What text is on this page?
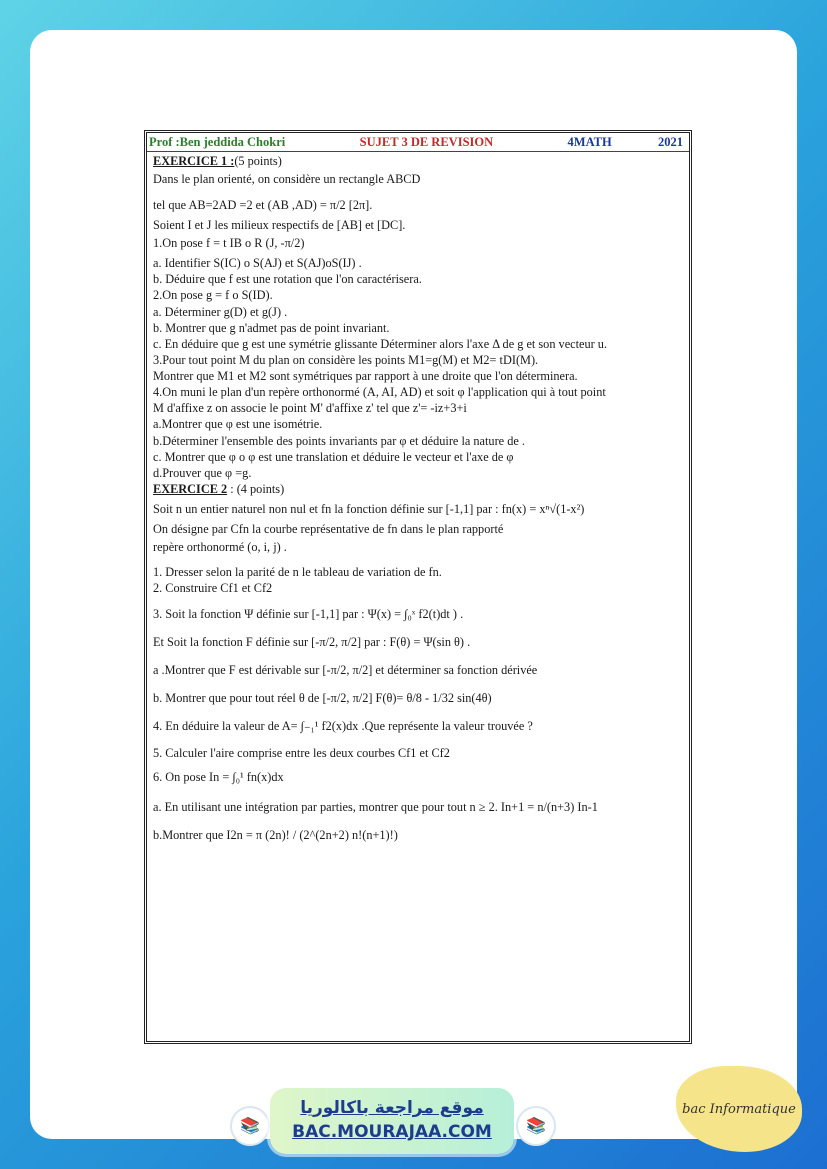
Prof :Ben jeddida Chokri	SUJET 3 DE REVISION	4MATH	2021

EXERCICE 1 :(5 points)

Dans le plan orienté, on considère un rectangle ABCD

tel que AB=2AD =2 et (AB ,AD) = π/2 [2π].

Soient I et J les milieux respectifs de [AB] et [DC].

1.On pose f = t IB o R (J, -π/2)

a. Identifier S(IC) o S(AJ) et S(AJ)oS(IJ) .

b. Déduire que f est une rotation que l'on caractérisera.

2.On pose g = f o S(ID).

a. Déterminer g(D) et g(J) .

b. Montrer que g n'admet pas de point invariant.

c. En déduire que g est une symétrie glissante Déterminer alors l'axe Δ de g et son vecteur u.

3.Pour tout point M du plan on considère les points M1=g(M) et M2= tDI(M).

Montrer que M1 et M2 sont symétriques par rapport à une droite que l'on déterminera.

4.On muni le plan d'un repère orthonormé (A, AI, AD) et soit φ l'application qui à tout point

M d'affixe z on associe le point M' d'affixe z' tel que z'= -iz+3+i

a.Montrer que φ est une isométrie.

b.Déterminer l'ensemble des points invariants par φ et déduire la nature de .

c. Montrer que φ o φ est une translation et déduire le vecteur et l'axe de φ

d.Prouver que φ =g.

EXERCICE 2 : (4 points)

Soit n un entier naturel non nul et fn la fonction définie sur [-1,1] par : fn(x) = xⁿ√(1-x²)

On désigne par Cfn la courbe représentative de fn dans le plan rapporté

repère orthonormé (o, i, j) .

1. Dresser selon la parité de n le tableau de variation de fn.

2. Construire Cf1 et Cf2

3. Soit la fonction Ψ définie sur [-1,1] par : Ψ(x) = ∫₀ˣ f2(t)dt ) .

Et Soit la fonction F définie sur [-π/2, π/2] par : F(θ) = Ψ(sin θ) .

a .Montrer que F est dérivable sur [-π/2, π/2] et déterminer sa fonction dérivée

b. Montrer que pour tout réel θ de [-π/2, π/2] F(θ)= θ/8 - 1/32 sin(4θ)

4. En déduire la valeur de A= ∫₋₁¹ f2(x)dx .Que représente la valeur trouvée ?

5. Calculer l'aire comprise entre les deux courbes Cf1 et Cf2

6. On pose In = ∫₀¹ fn(x)dx

a. En utilisant une intégration par parties, montrer que pour tout n ≥ 2. In+1 = n/(n+3) In-1

b.Montrer que I2n = π (2n)! / (2^(2n+2) n!(n+1)!)

📚
موقع مراجعة باكالوريا
BAC.MOURAJAA.COM	📚
bac Informatique
